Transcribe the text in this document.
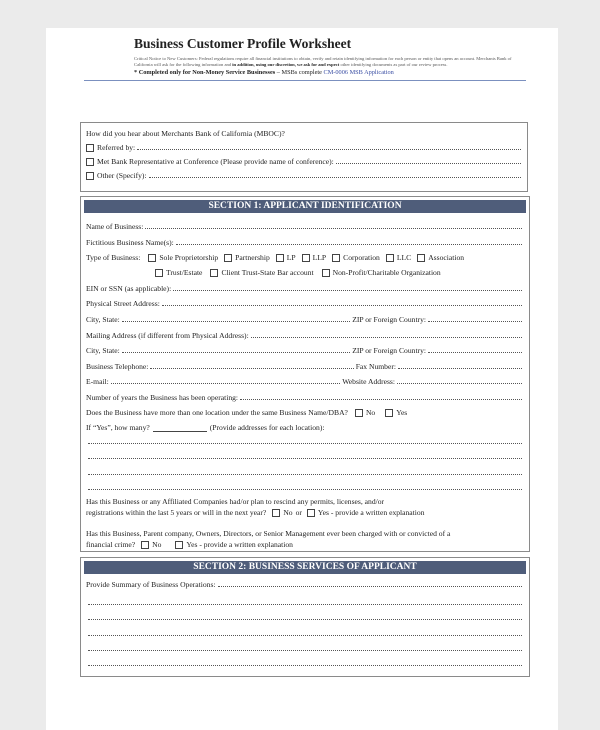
Business Customer Profile Worksheet
Critical Notice to New Customers: Federal regulations require all financial institutions to obtain, verify and retain identifying information for each person or entity that opens an account. Merchants Bank of California will ask for the following information and in addition, using our discretion, we ask for and expect other identifying documents as part of our review process.
* Completed only for Non-Money Service Businesses – MSBs complete CM-0006 MSB Application
How did you hear about Merchants Bank of California (MBOC)?
Referred by:
Met Bank Representative at Conference (Please provide name of conference):
Other (Specify):
SECTION 1: APPLICANT IDENTIFICATION
Name of Business:
Fictitious Business Name(s):
Type of Business:	Sole Proprietorship Partnership LP LLP Corporation LLC Association
Trust/Estate	Client Trust-State Bar account	Non-Profit/Charitable Organization
EIN or SSN (as applicable):
Physical Street Address:
City, State:	ZIP or Foreign Country:
Mailing Address (if different from Physical Address):
City, State:	ZIP or Foreign Country:
Business Telephone:	Fax Number:
E-mail:	Website Address:
Number of years the Business has been operating:
Does the Business have more than one location under the same Business Name/DBA? No	Yes
If “Yes”, how many?	(Provide addresses for each location):
Has this Business or any Affiliated Companies had/or plan to rescind any permits, licenses, and/or
registrations within the last 5 years or will in the next year? No or Yes - provide a written explanation
Has this Business, Parent company, Owners, Directors, or Senior Management ever been charged with or convicted of a
financial crime? No	Yes - provide a written explanation
SECTION 2: BUSINESS SERVICES OF APPLICANT
Provide Summary of Business Operations:
